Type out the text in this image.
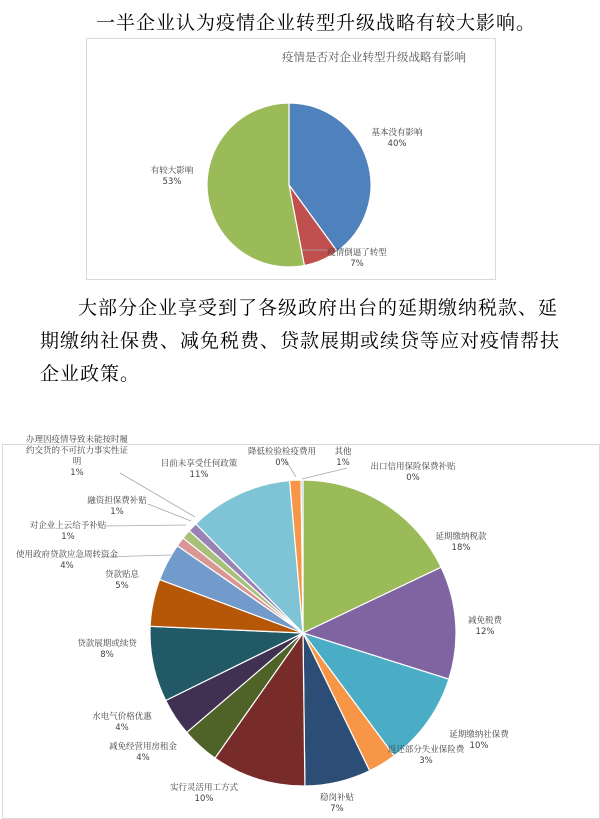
一半企业认为疫情企业转型升级战略有较大影响。

疫情是否对企业转型升级战略有影响
基本没有影响
40%
疫情倒逼了转型
7%
有较大影响
53%

大部分企业享受到了各级政府出台的延期缴纳税款、延期缴纳社保费、减免税费、贷款展期或续贷等应对疫情帮扶企业政策。

延期缴纳税款
18%
减免税费
12%
延期缴纳社保费
10%
返还部分失业保险费
3%
稳岗补贴
7%
实行灵活用工方式
10%
减免经营用房租金
4%
水电气价格优惠
4%
贷款展期或续贷
8%
贷款贴息
5%
使用政府贷款应急周转资金
4%
对企业上云给予补贴
1%
融资担保费补贴
1%
办理因疫情导致未能按时履
约交货的不可抗力事实性证
明
1%
目前未享受任何政策
11%
降低检验检疫费用
0%
其他
1% 出口信用保险保费补贴
0%
